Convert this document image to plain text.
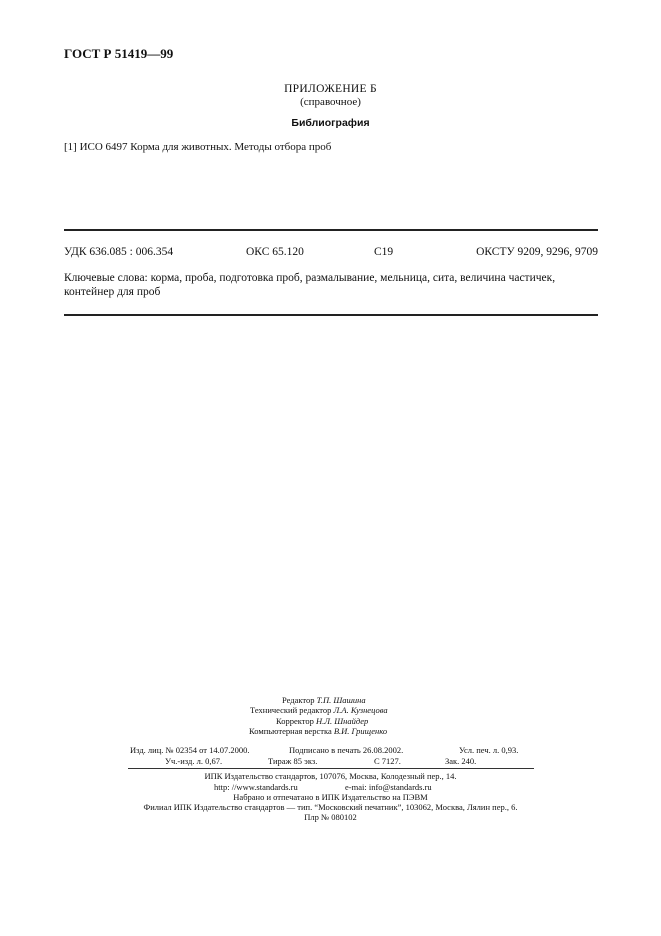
ГОСТ Р 51419—99
ПРИЛОЖЕНИЕ Б
(справочное)
Библиография
[1] ИСО 6497 Корма для животных. Методы отбора проб
УДК 636.085 : 006.354	ОКС 65.120	С19	ОКСТУ 9209, 9296, 9709
Ключевые слова: корма, проба, подготовка проб, размалывание, мельница, сита, величина частичек, контейнер для проб
Редактор Т.П. Шашина
Технический редактор Л.А. Кузнецова
Корректор Н.Л. Шнайдер
Компьютерная верстка В.И. Грищенко
Изд. лиц. № 02354 от 14.07.2000.	Подписано в печать 26.08.2002.	Усл. печ. л. 0,93.
Уч.-изд. л. 0,67.	Тираж 85 экз.	С 7127.	Зак. 240.
ИПК Издательство стандартов, 107076, Москва, Колодезный пер., 14.
http: //www.standards.ru	e-mai: info@standards.ru
Набрано и отпечатано в ИПК Издательство на ПЭВМ
Филиал ИПК Издательство стандартов — тип. “Московский печатник”, 103062, Москва, Лялин пер., 6.
Плр № 080102
